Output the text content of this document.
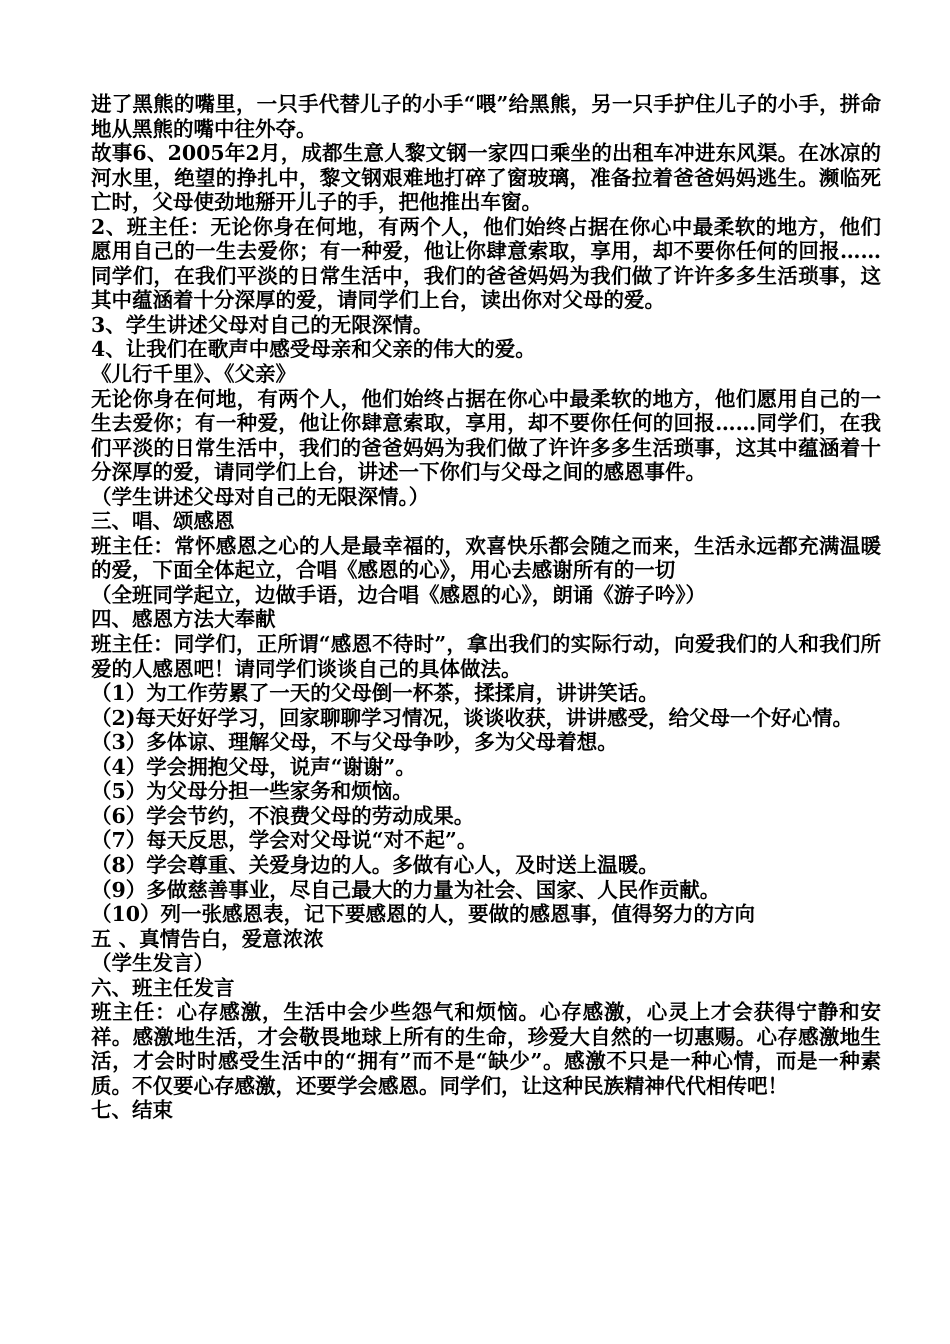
进了黑熊的嘴里，一只手代替儿子的小手“喂”给黑熊，另一只手护住儿子的小手，拼命地从黑熊的嘴中往外夺。

故事6、2005年2月，成都生意人黎文钢一家四口乘坐的出租车冲进东风渠。在冰凉的河水里，绝望的挣扎中，黎文钢艰难地打碎了窗玻璃，准备拉着爸爸妈妈逃生。濒临死亡时，父母使劲地掰开儿子的手，把他推出车窗。

2、班主任：无论你身在何地，有两个人，他们始终占据在你心中最柔软的地方，他们愿用自己的一生去爱你；有一种爱，他让你肆意索取，享用，却不要你任何的回报……同学们，在我们平淡的日常生活中，我们的爸爸妈妈为我们做了许许多多生活琐事，这其中蕴涵着十分深厚的爱，请同学们上台，读出你对父母的爱。

3、学生讲述父母对自己的无限深情。

4、让我们在歌声中感受母亲和父亲的伟大的爱。

《儿行千里》、《父亲》

无论你身在何地，有两个人，他们始终占据在你心中最柔软的地方，他们愿用自己的一生去爱你；有一种爱，他让你肆意索取，享用，却不要你任何的回报……同学们，在我们平淡的日常生活中，我们的爸爸妈妈为我们做了许许多多生活琐事，这其中蕴涵着十分深厚的爱，请同学们上台，讲述一下你们与父母之间的感恩事件。

（学生讲述父母对自己的无限深情。）

三、唱、颂感恩

班主任：常怀感恩之心的人是最幸福的，欢喜快乐都会随之而来，生活永远都充满温暖的爱，下面全体起立，合唱《感恩的心》，用心去感谢所有的一切

（全班同学起立，边做手语，边合唱《感恩的心》，朗诵《游子吟》）

四、感恩方法大奉献

班主任：同学们，正所谓“感恩不待时”，拿出我们的实际行动，向爱我们的人和我们所爱的人感恩吧！请同学们谈谈自己的具体做法。

（1）为工作劳累了一天的父母倒一杯茶，揉揉肩，讲讲笑话。

（2)每天好好学习，回家聊聊学习情况，谈谈收获，讲讲感受，给父母一个好心情。

（3）多体谅、理解父母，不与父母争吵，多为父母着想。

（4）学会拥抱父母，说声“谢谢”。

（5）为父母分担一些家务和烦恼。

（6）学会节约，不浪费父母的劳动成果。

（7）每天反思，学会对父母说“对不起”。

（8）学会尊重、关爱身边的人。多做有心人，及时送上温暖。

（9）多做慈善事业，尽自己最大的力量为社会、国家、人民作贡献。

（10）列一张感恩表，记下要感恩的人，要做的感恩事，值得努力的方向

五 、真情告白，爱意浓浓

（学生发言）

六、班主任发言

班主任：心存感激，生活中会少些怨气和烦恼。心存感激，心灵上才会获得宁静和安祥。感激地生活，才会敬畏地球上所有的生命，珍爱大自然的一切惠赐。心存感激地生活，才会时时感受生活中的“拥有”而不是“缺少”。感激不只是一种心情，而是一种素质。不仅要心存感激，还要学会感恩。同学们，让这种民族精神代代相传吧！

七、结束
